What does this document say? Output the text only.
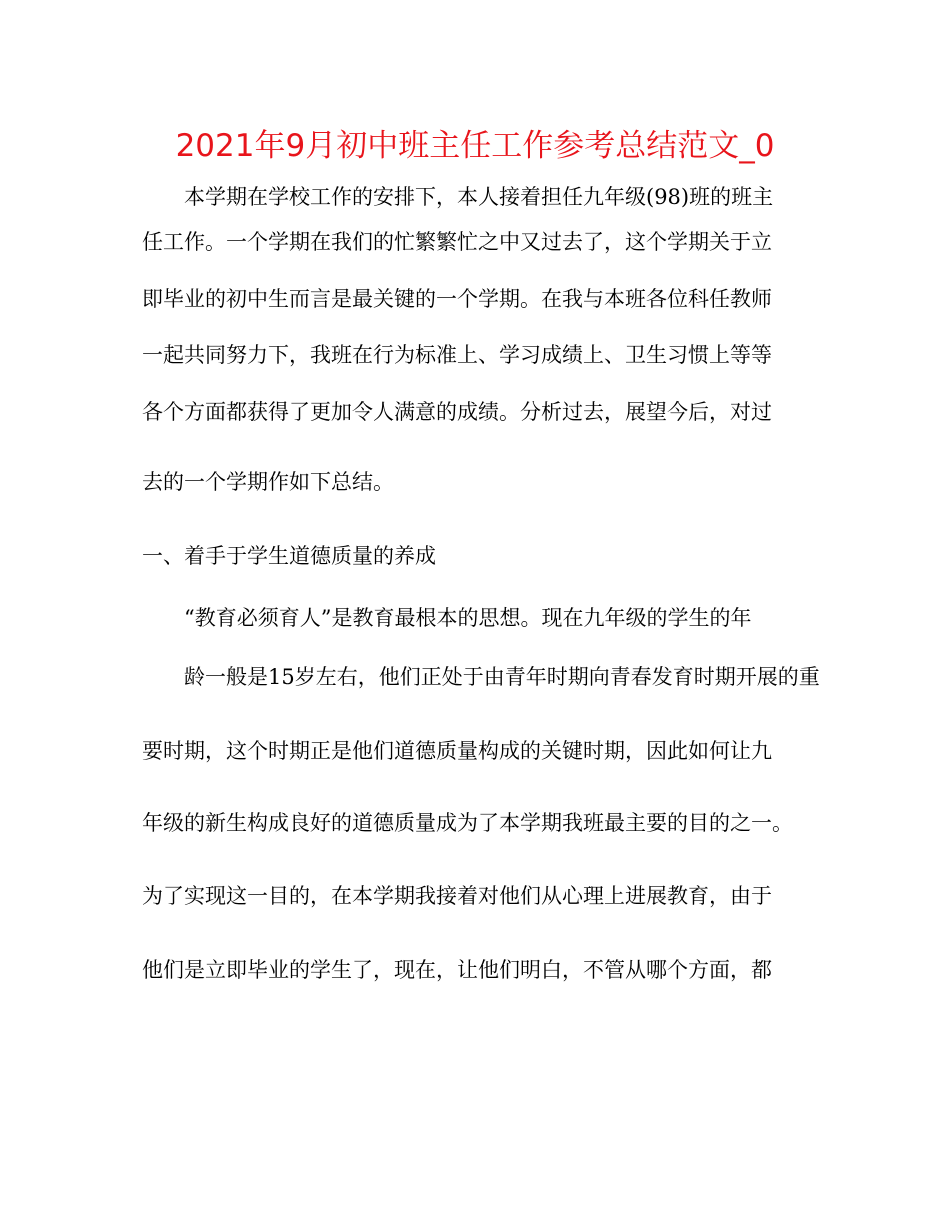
2021年9月初中班主任工作参考总结范文_0
本学期在学校工作的安排下，本人接着担任九年级(98)班的班主
任工作。一个学期在我们的忙繁繁忙之中又过去了，这个学期关于立
即毕业的初中生而言是最关键的一个学期。在我与本班各位科任教师
一起共同努力下，我班在行为标准上、学习成绩上、卫生习惯上等等
各个方面都获得了更加令人满意的成绩。分析过去，展望今后，对过
去的一个学期作如下总结。
一、着手于学生道德质量的养成
“教育必须育人”是教育最根本的思想。现在九年级的学生的年
龄一般是15岁左右，他们正处于由青年时期向青春发育时期开展的重
要时期，这个时期正是他们道德质量构成的关键时期，因此如何让九
年级的新生构成良好的道德质量成为了本学期我班最主要的目的之一。
为了实现这一目的，在本学期我接着对他们从心理上进展教育，由于
他们是立即毕业的学生了，现在，让他们明白，不管从哪个方面，都
